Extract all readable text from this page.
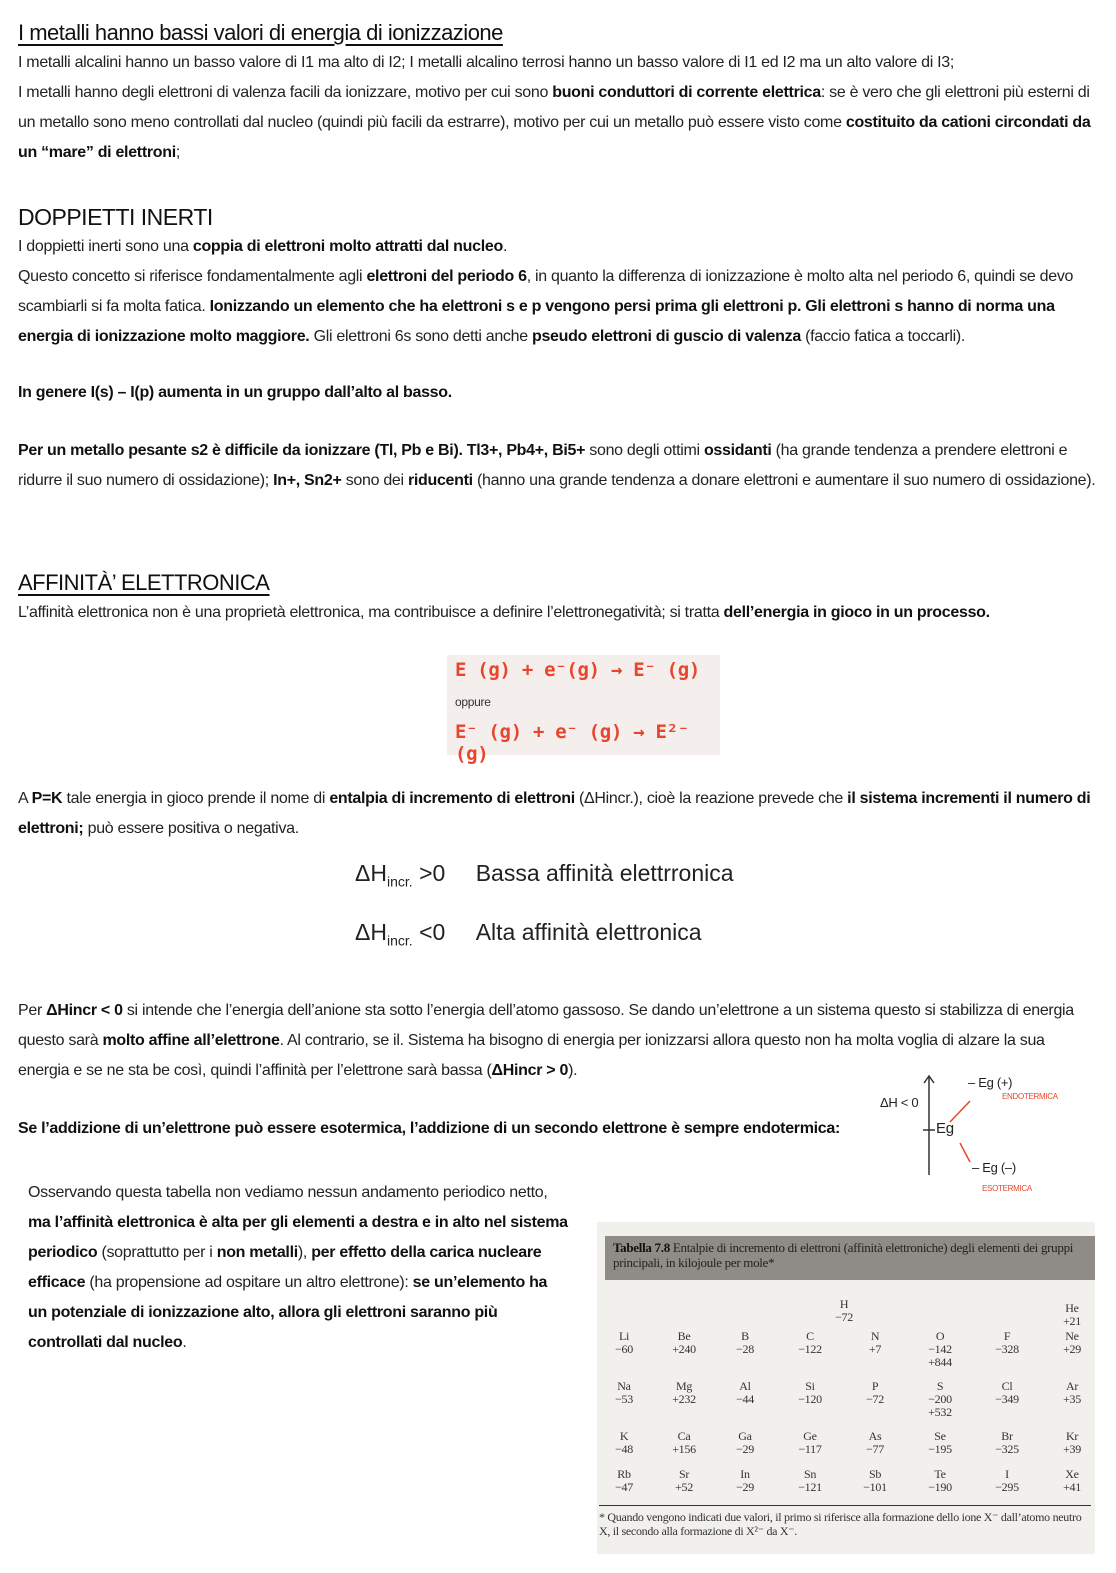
I metalli hanno bassi valori di energia di ionizzazione

I metalli alcalini hanno un basso valore di I1 ma alto di I2; I metalli alcalino terrosi hanno un basso valore di I1 ed I2 ma un alto valore di I3;

I metalli hanno degli elettroni di valenza facili da ionizzare, motivo per cui sono buoni conduttori di corrente elettrica: se è vero che gli elettroni più esterni di un metallo sono meno controllati dal nucleo (quindi più facili da estrarre), motivo per cui un metallo può essere visto come costituito da cationi circondati da un “mare” di elettroni;

DOPPIETTI INERTI

I doppietti inerti sono una coppia di elettroni molto attratti dal nucleo.

Questo concetto si riferisce fondamentalmente agli elettroni del periodo 6, in quanto la differenza di ionizzazione è molto alta nel periodo 6, quindi se devo scambiarli si fa molta fatica. Ionizzando un elemento che ha elettroni s e p vengono persi prima gli elettroni p. Gli elettroni s hanno di norma una energia di ionizzazione molto maggiore. Gli elettroni 6s sono detti anche pseudo elettroni di guscio di valenza (faccio fatica a toccarli).

In genere I(s) – I(p) aumenta in un gruppo dall’alto al basso.

Per un metallo pesante s2 è difficile da ionizzare (Tl, Pb e Bi). Tl3+, Pb4+, Bi5+ sono degli ottimi ossidanti (ha grande tendenza a prendere elettroni e ridurre il suo numero di ossidazione); In+, Sn2+ sono dei riducenti (hanno una grande tendenza a donare elettroni e aumentare il suo numero di ossidazione).

AFFINITÀ’ ELETTRONICA

L’affinità elettronica non è una proprietà elettronica, ma contribuisce a definire l’elettronegatività; si tratta dell’energia in gioco in un processo.

E (g) + e⁻(g) → E⁻ (g)
oppure
E⁻ (g) + e⁻ (g) → E²⁻ (g)

A P=K tale energia in gioco prende il nome di entalpia di incremento di elettroni (ΔHincr.), cioè la reazione prevede che il sistema incrementi il numero di elettroni; può essere positiva o negativa.

$\Delta H_{incr.} >0$ Bassa affinità elettrronica
$\Delta H_{incr.} <0$ Alta affinità elettronica

Per ΔHincr < 0 si intende che l’energia dell’anione sta sotto l’energia dell’atomo gassoso. Se dando un’elettrone a un sistema questo si stabilizza di energia questo sarà molto affine all’elettrone. Al contrario, se il. Sistema ha bisogno di energia per ionizzarsi allora questo non ha molta voglia di alzare la sua energia e se ne sta be così, quindi l’affinità per l’elettrone sarà bassa (ΔHincr > 0).

Se l’addizione di un’elettrone può essere esotermica, l’addizione di un secondo elettrone è sempre endotermica:

ΔH < 0
Eg
– Eg (+)
ENDOTERMICA
– Eg (–)
ESOTERMICA

Osservando questa tabella non vediamo nessun andamento periodico netto, ma l’affinità elettronica è alta per gli elementi a destra e in alto nel sistema periodico (soprattutto per i non metalli), per effetto della carica nucleare efficace (ha propensione ad ospitare un altro elettrone): se un’elemento ha un potenziale di ionizzazione alto, allora gli elettroni saranno più controllati dal nucleo.

Tabella 7.8 Entalpie di incremento di elettroni (affinità elettroniche) degli elementi dei gruppi principali, in kilojoule per mole*
* Quando vengono indicati due valori, il primo si riferisce alla formazione dello ione X⁻ dall’atomo neutro X, il secondo alla formazione di X²⁻ da X⁻.
H
−72
He
+21
Li
−60
Be
+240
B
−28
C
−122
N
+7
O
−142
+844
F
−328
Ne
+29
Na
−53
Mg
+232
Al
−44
Si
−120
P
−72
S
−200
+532
Cl
−349
Ar
+35
K
−48
Ca
+156
Ga
−29
Ge
−117
As
−77
Se
−195
Br
−325
Kr
+39
Rb
−47
Sr
+52
In
−29
Sn
−121
Sb
−101
Te
−190
I
−295
Xe
+41
